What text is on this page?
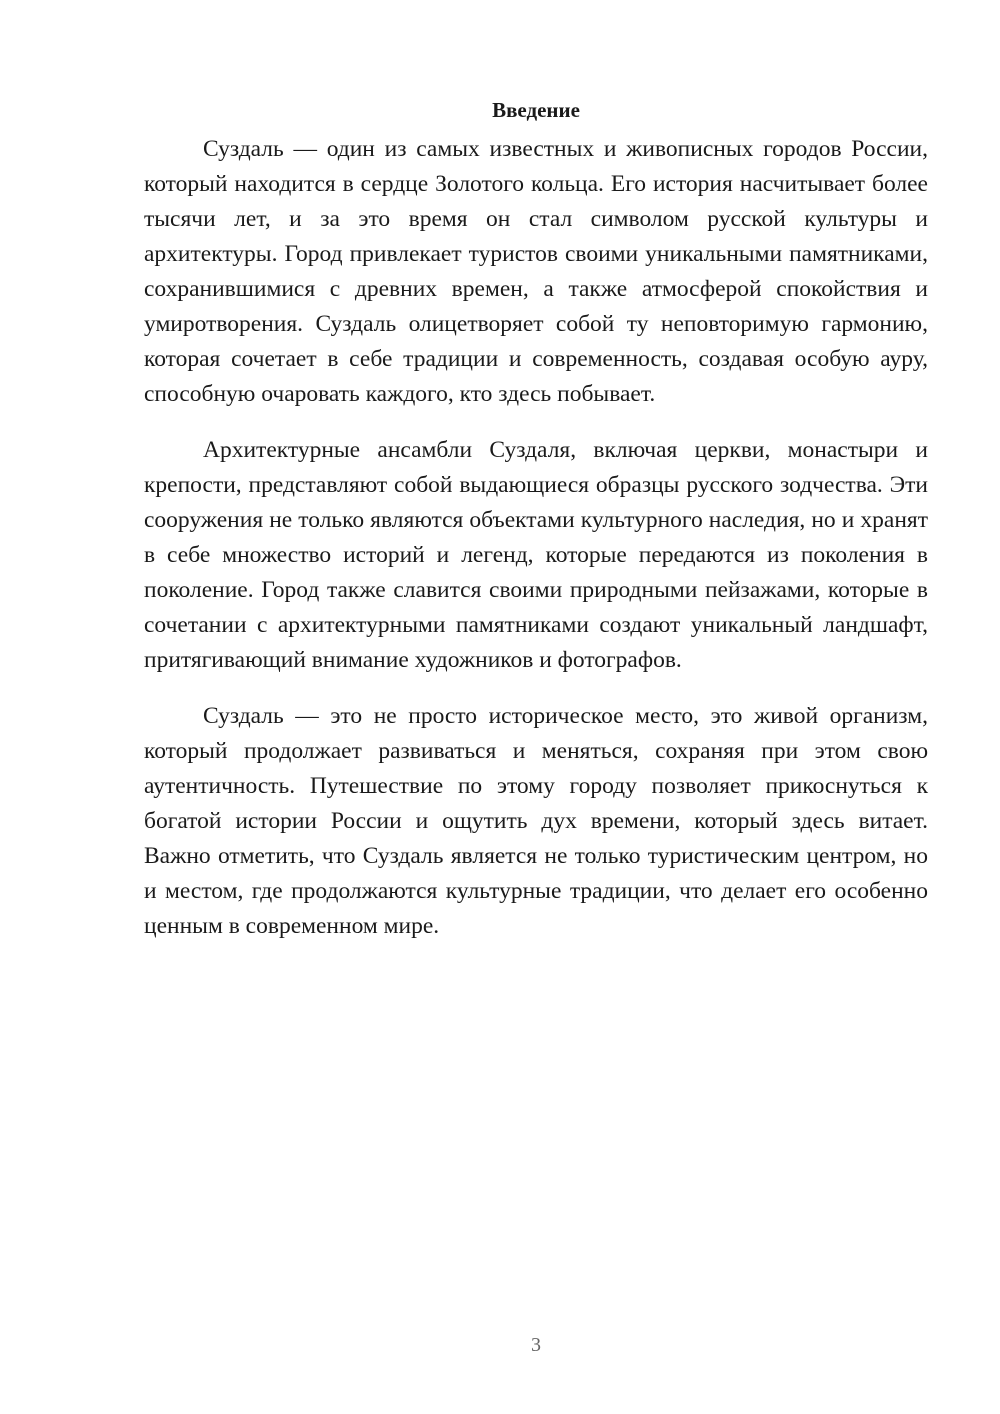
Введение

Суздаль — один из самых известных и живописных городов России, который находится в сердце Золотого кольца. Его история насчитывает более тысячи лет, и за это время он стал символом русской культуры и архитектуры. Город привлекает туристов своими уникальными памятниками, сохранившимися с древних времен, а также атмосферой спокойствия и умиротворения. Суздаль олицетворяет собой ту неповторимую гармонию, которая сочетает в себе традиции и современность, создавая особую ауру, способную очаровать каждого, кто здесь побывает.

Архитектурные ансамбли Суздаля, включая церкви, монастыри и крепости, представляют собой выдающиеся образцы русского зодчества. Эти сооружения не только являются объектами культурного наследия, но и хранят в себе множество историй и легенд, которые передаются из поколения в поколение. Город также славится своими природными пейзажами, которые в сочетании с архитектурными памятниками создают уникальный ландшафт, притягивающий внимание художников и фотографов.

Суздаль — это не просто историческое место, это живой организм, который продолжает развиваться и меняться, сохраняя при этом свою аутентичность. Путешествие по этому городу позволяет прикоснуться к богатой истории России и ощутить дух времени, который здесь витает. Важно отметить, что Суздаль является не только туристическим центром, но и местом, где продолжаются культурные традиции, что делает его особенно ценным в современном мире.

3
